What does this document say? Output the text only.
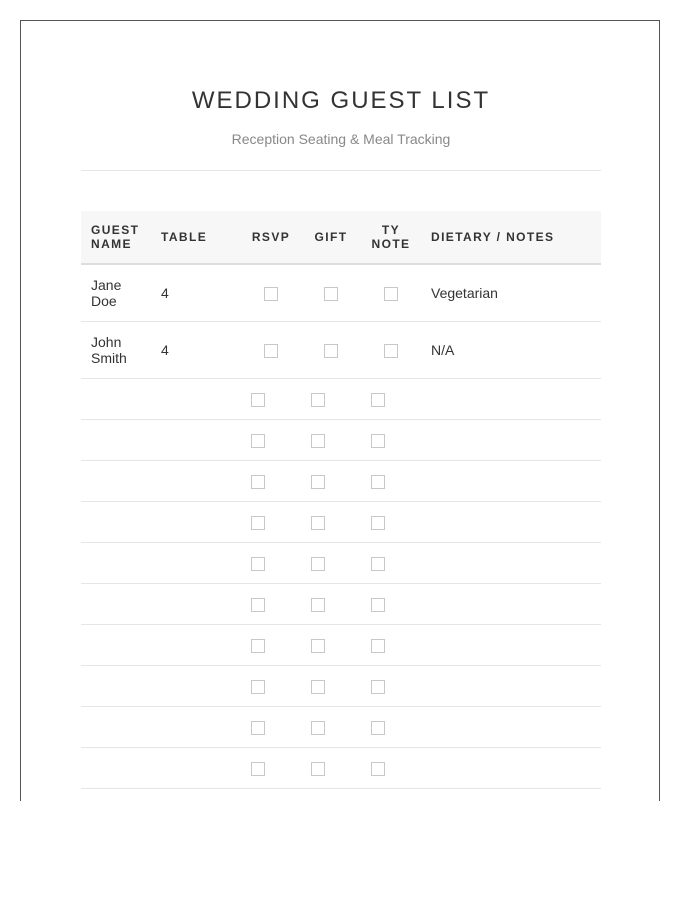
WEDDING GUEST LIST

Reception Seating & Meal Tracking

GUEST NAME	TABLE	RSVP	GIFT	TY NOTE	DIETARY / NOTES

Jane Doe	4				Vegetarian

John Smith	4				N/A
